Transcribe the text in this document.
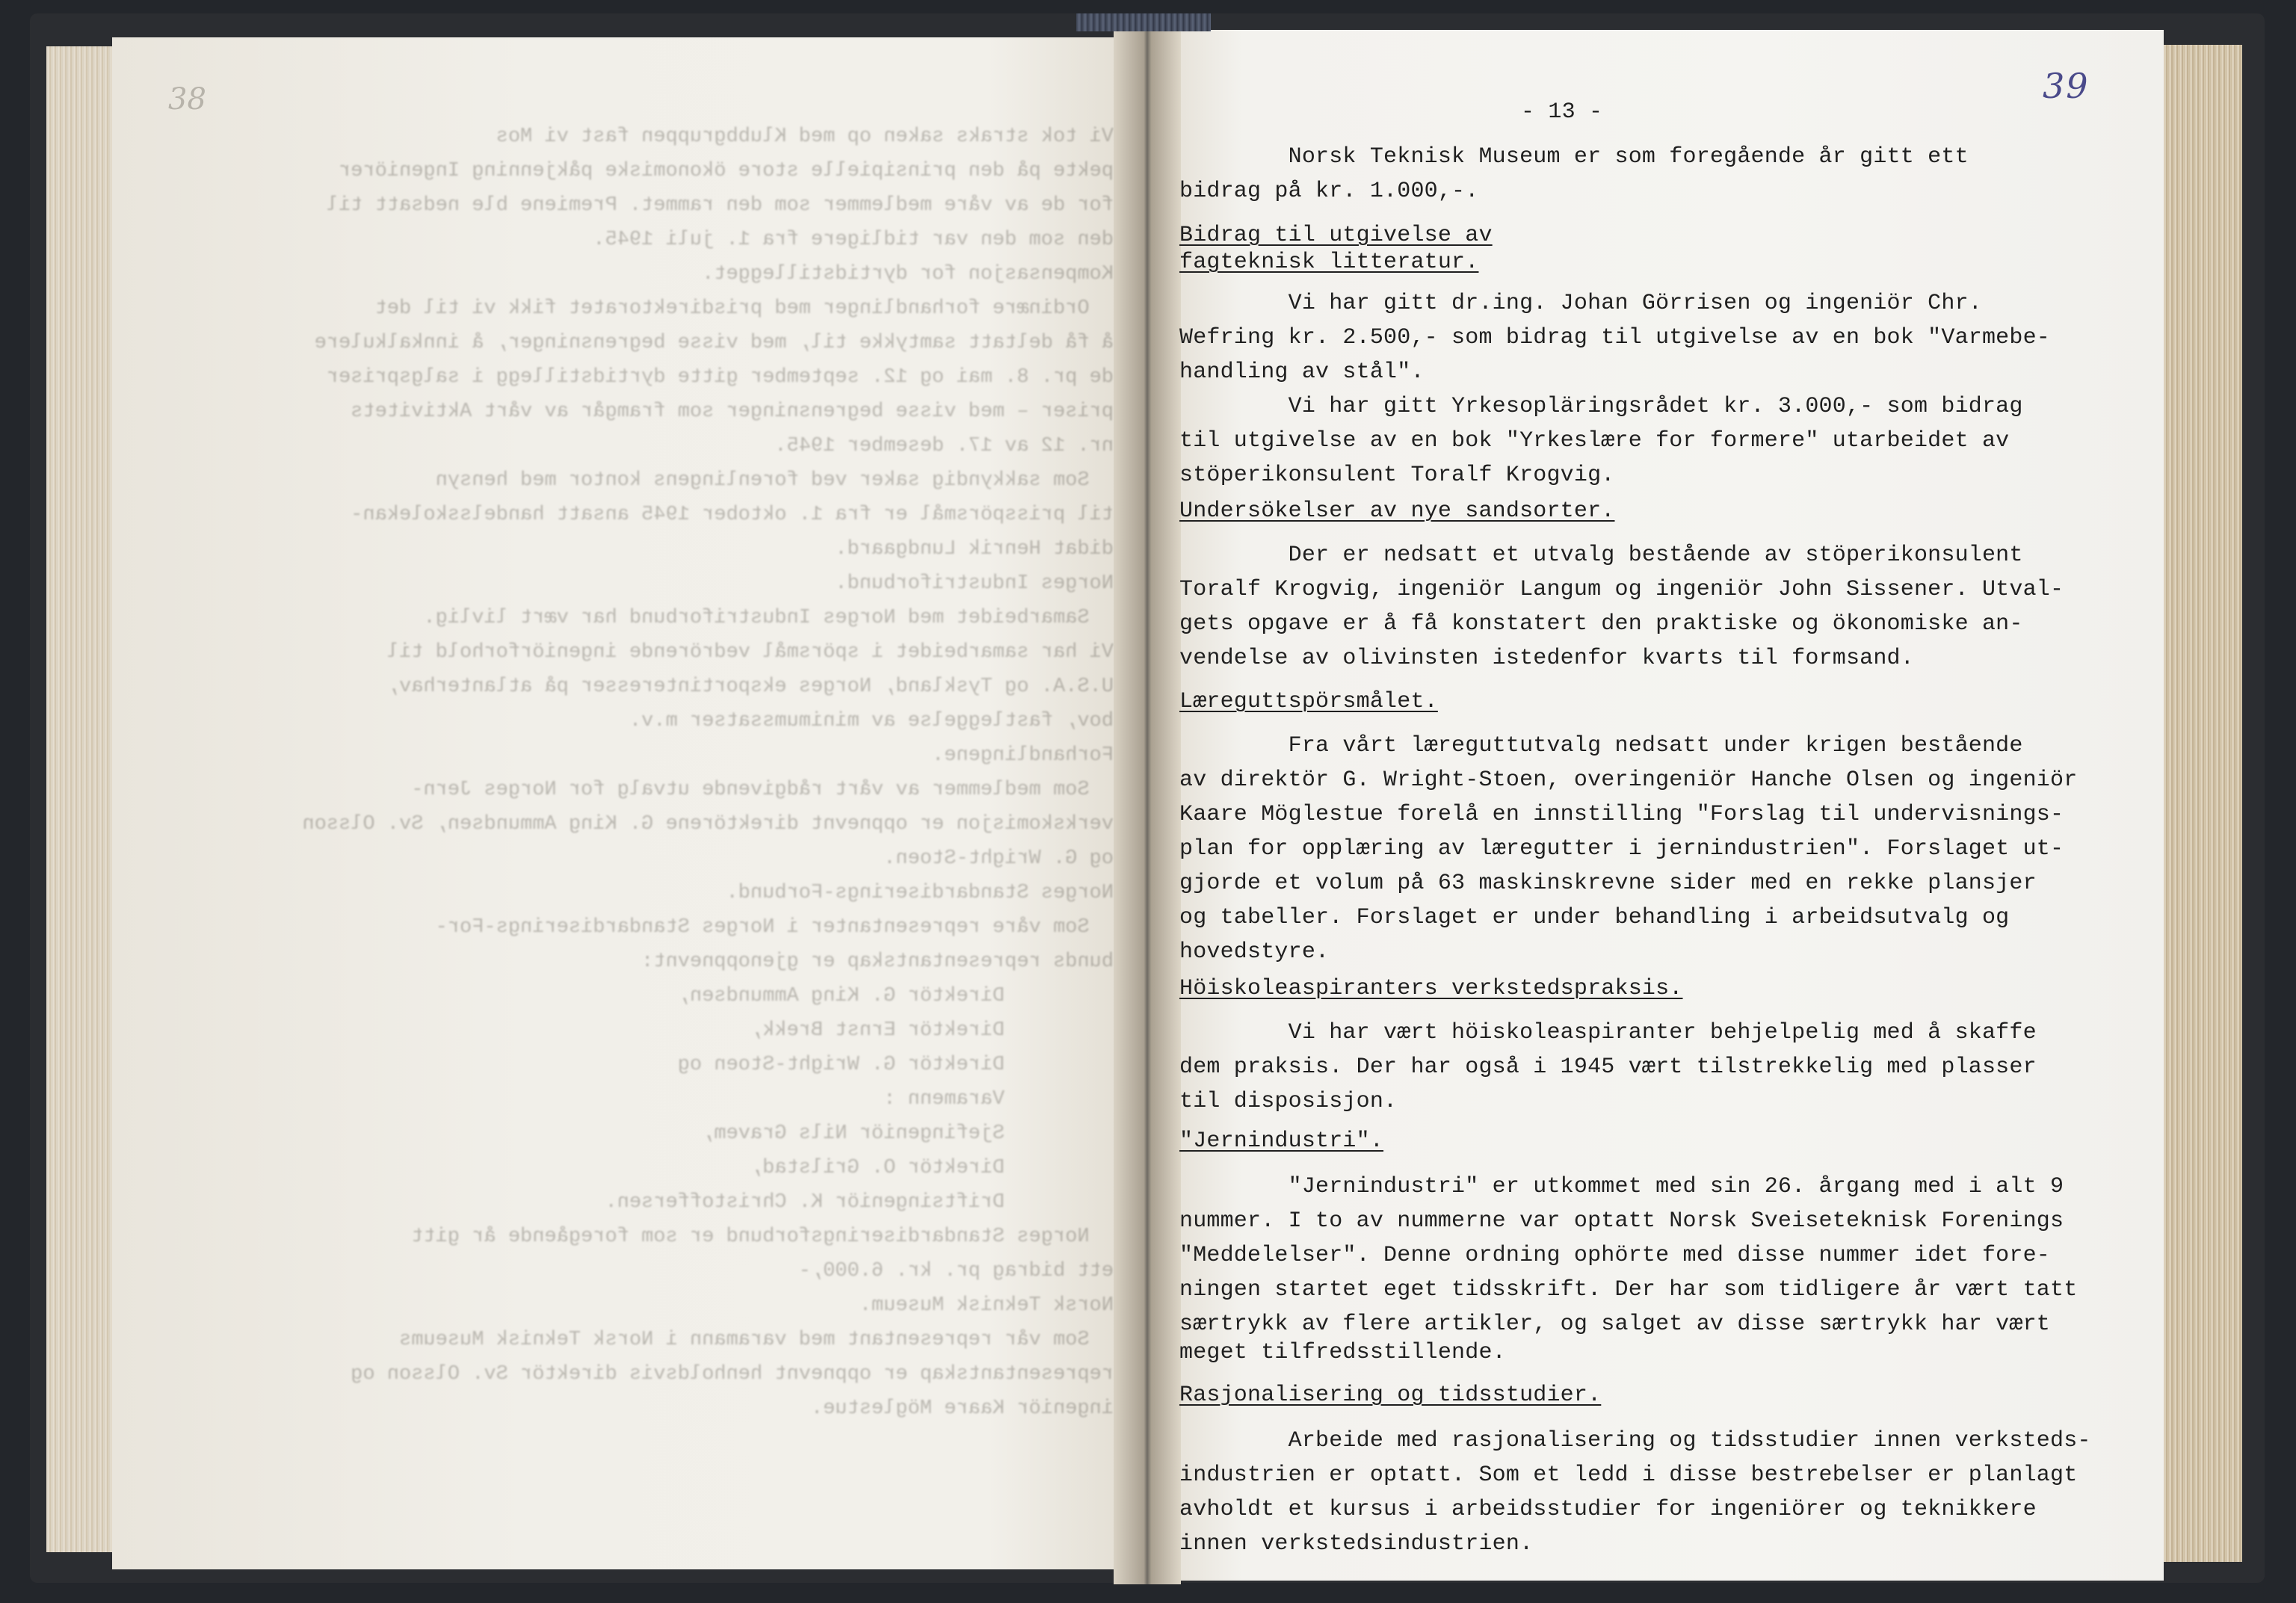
Vi tok straks saken op med Klubbgruppen fast vi Mos
pekte på den prinsipielle store ökonomiske påkjenning Ingeniörer
for de av våre medlemmer som den rammet. Premiene ble nedsatt til
den som den var tidligere fra 1. juli 1945.
Kompensasjon for dyrtidstillegget.
Ordinære forhandlinger med prisdirektoratet fikk vi til det
å få deltatt samtykke til, med visse begrensninger, å innkalkulere
de pr. 8. mai og 12. september gitte dyrtidstillegg i salgspriser
priser – med visse begrensninger som framgår av vårt Aktivitets
nr. 12 av 17. desember 1945.
Som sakkyndig saker ved forenlingens kontor med hensyn
til prisspörsmål er fra 1. oktober 1945 ansatt handelsskolekan-
didat Henrik Lundgaard.
Norges Industriforbund.
Samarbeidet med Norges Industriforbund har vært livlig.
Vi har samarbeidet i spörsmål vedrörende ingeniörforhold til
U.S.A. og Tyskland, Norges eksportinteresser på atlanterhav,
bov, fastleggelse av minimumssatser m.v.
Forhandlingene.
Som medlemmer av vårt rådgivende utvalg for Norges Jern-
verkskomisjon er oppnevnt direktörene G. King Ammundsen, Sv. Olsson
og G. Wright-Stoen.
Norges Standardiserings-Forbund.
Som våre representanter i Norges Standardiserings-For-
bunds representantskap er gjenoppnevnt:
Direktör G. King Ammundsen,
Direktör Ernst Brekk,
Direktör G. Wright-Stoen og
Varamenn :
Sjefingeniör Nils Gravem,
Direktör O. Grilstad,
Driftsingeniör K. Christoffersen.
Norges Standardiseringsforbund er som foregående år gitt
ett bidrag pr. kr. 6.000,-
Norsk Teknisk Museum.
Som vår representant med varamann i Norsk Teknisk Museums
representantskap er oppnevnt henholdsvis direktör Sv. Olsson og
ingeniör Kaare Möglestue.
38	- 13 -
39
Norsk Teknisk Museum er som foregående år gitt ett
bidrag på kr. 1.000,-.
Bidrag til utgivelse av
fagteknisk litteratur.
Vi har gitt dr.ing. Johan Görrisen og ingeniör Chr.
Wefring kr. 2.500,- som bidrag til utgivelse av en bok "Varmebe-
handling av stål".
Vi har gitt Yrkesopläringsrådet kr. 3.000,- som bidrag
til utgivelse av en bok "Yrkeslære for formere" utarbeidet av
stöperikonsulent Toralf Krogvig.
Undersökelser av nye sandsorter.
Der er nedsatt et utvalg bestående av stöperikonsulent
Toralf Krogvig, ingeniör Langum og ingeniör John Sissener. Utval-
gets opgave er å få konstatert den praktiske og ökonomiske an-
vendelse av olivinsten istedenfor kvarts til formsand.
Læreguttspörsmålet.
Fra vårt læreguttutvalg nedsatt under krigen bestående
av direktör G. Wright-Stoen, overingeniör Hanche Olsen og ingeniör
Kaare Möglestue forelå en innstilling "Forslag til undervisnings-
plan for opplæring av læregutter i jernindustrien". Forslaget ut-
gjorde et volum på 63 maskinskrevne sider med en rekke plansjer
og tabeller. Forslaget er under behandling i arbeidsutvalg og
hovedstyre.
Höiskoleaspiranters verkstedspraksis.
Vi har vært höiskoleaspiranter behjelpelig med å skaffe
dem praksis. Der har også i 1945 vært tilstrekkelig med plasser
til disposisjon.
"Jernindustri".
"Jernindustri" er utkommet med sin 26. årgang med i alt 9
nummer. I to av nummerne var optatt Norsk Sveiseteknisk Forenings
"Meddelelser". Denne ordning ophörte med disse nummer idet fore-
ningen startet eget tidsskrift. Der har som tidligere år vært tatt
særtrykk av flere artikler, og salget av disse særtrykk har vært
meget tilfredsstillende.
Rasjonalisering og tidsstudier.
Arbeide med rasjonalisering og tidsstudier innen verksteds-
industrien er optatt. Som et ledd i disse bestrebelser er planlagt
avholdt et kursus i arbeidsstudier for ingeniörer og teknikkere
innen verkstedsindustrien.
